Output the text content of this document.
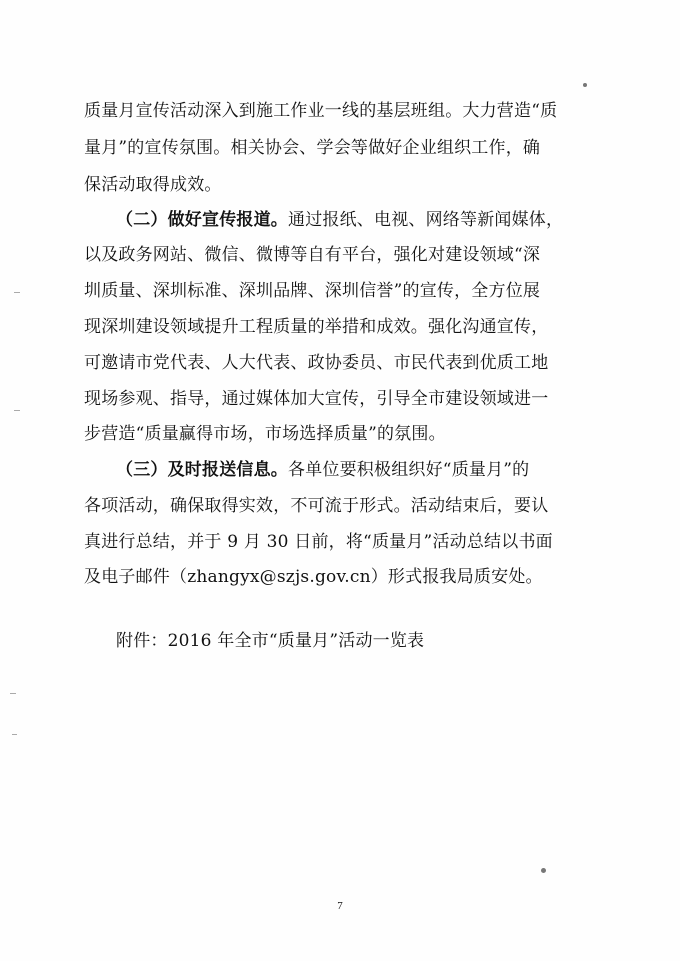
质量月宣传活动深入到施工作业一线的基层班组。大力营造“质
量月”的宣传氛围。相关协会、学会等做好企业组织工作，确
保活动取得成效。
（二）做好宣传报道。通过报纸、电视、网络等新闻媒体，
以及政务网站、微信、微博等自有平台，强化对建设领域“深
圳质量、深圳标准、深圳品牌、深圳信誉”的宣传，全方位展
现深圳建设领域提升工程质量的举措和成效。强化沟通宣传，
可邀请市党代表、人大代表、政协委员、市民代表到优质工地
现场参观、指导，通过媒体加大宣传，引导全市建设领域进一
步营造“质量赢得市场，市场选择质量”的氛围。
（三）及时报送信息。各单位要积极组织好“质量月”的
各项活动，确保取得实效，不可流于形式。活动结束后，要认
真进行总结，并于 9 月 30 日前，将“质量月”活动总结以书面
及电子邮件（zhangyx@szjs.gov.cn）形式报我局质安处。
附件：2016 年全市“质量月”活动一览表
7
